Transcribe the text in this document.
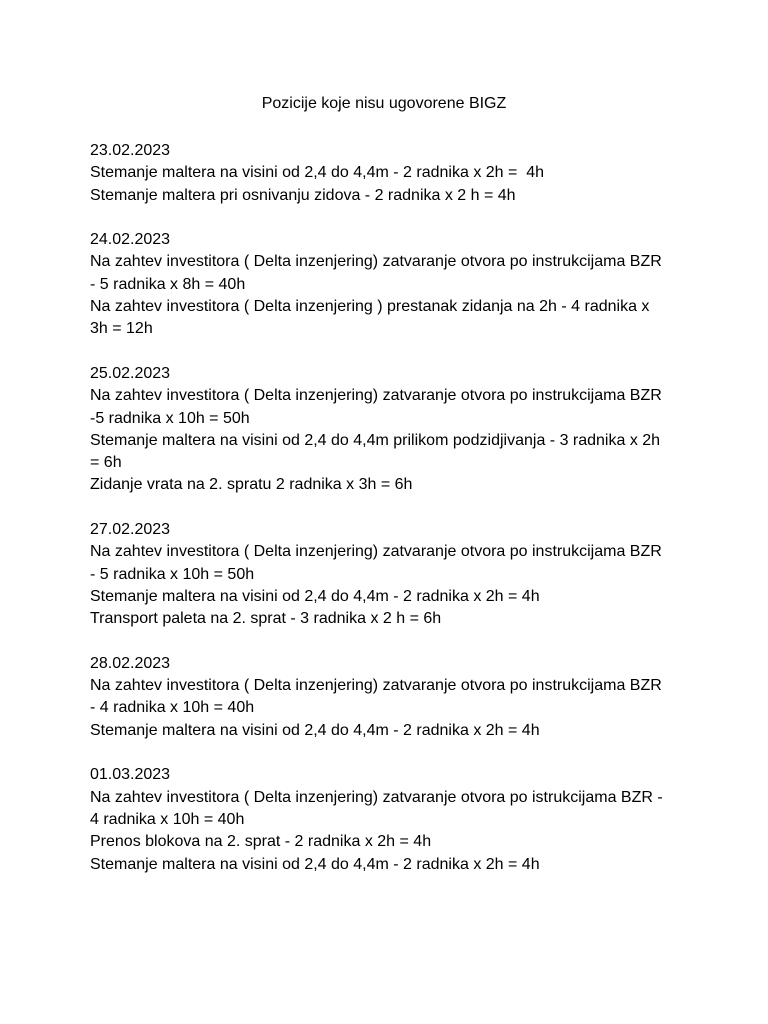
Pozicije koje nisu ugovorene BIGZ
23.02.2023
Stemanje maltera na visini od 2,4 do 4,4m - 2 radnika x 2h =  4h
Stemanje maltera pri osnivanju zidova - 2 radnika x 2 h = 4h
24.02.2023
Na zahtev investitora ( Delta inzenjering) zatvaranje otvora po instrukcijama BZR
- 5 radnika x 8h = 40h
Na zahtev investitora ( Delta inzenjering ) prestanak zidanja na 2h - 4 radnika x
3h = 12h
25.02.2023
Na zahtev investitora ( Delta inzenjering) zatvaranje otvora po instrukcijama BZR
-5 radnika x 10h = 50h
Stemanje maltera na visini od 2,4 do 4,4m prilikom podzidjivanja - 3 radnika x 2h
= 6h
Zidanje vrata na 2. spratu 2 radnika x 3h = 6h
27.02.2023
Na zahtev investitora ( Delta inzenjering) zatvaranje otvora po instrukcijama BZR
- 5 radnika x 10h = 50h
Stemanje maltera na visini od 2,4 do 4,4m - 2 radnika x 2h = 4h
Transport paleta na 2. sprat - 3 radnika x 2 h = 6h
28.02.2023
Na zahtev investitora ( Delta inzenjering) zatvaranje otvora po instrukcijama BZR
- 4 radnika x 10h = 40h
Stemanje maltera na visini od 2,4 do 4,4m - 2 radnika x 2h = 4h
01.03.2023
Na zahtev investitora ( Delta inzenjering) zatvaranje otvora po istrukcijama BZR -
4 radnika x 10h = 40h
Prenos blokova na 2. sprat - 2 radnika x 2h = 4h
Stemanje maltera na visini od 2,4 do 4,4m - 2 radnika x 2h = 4h
